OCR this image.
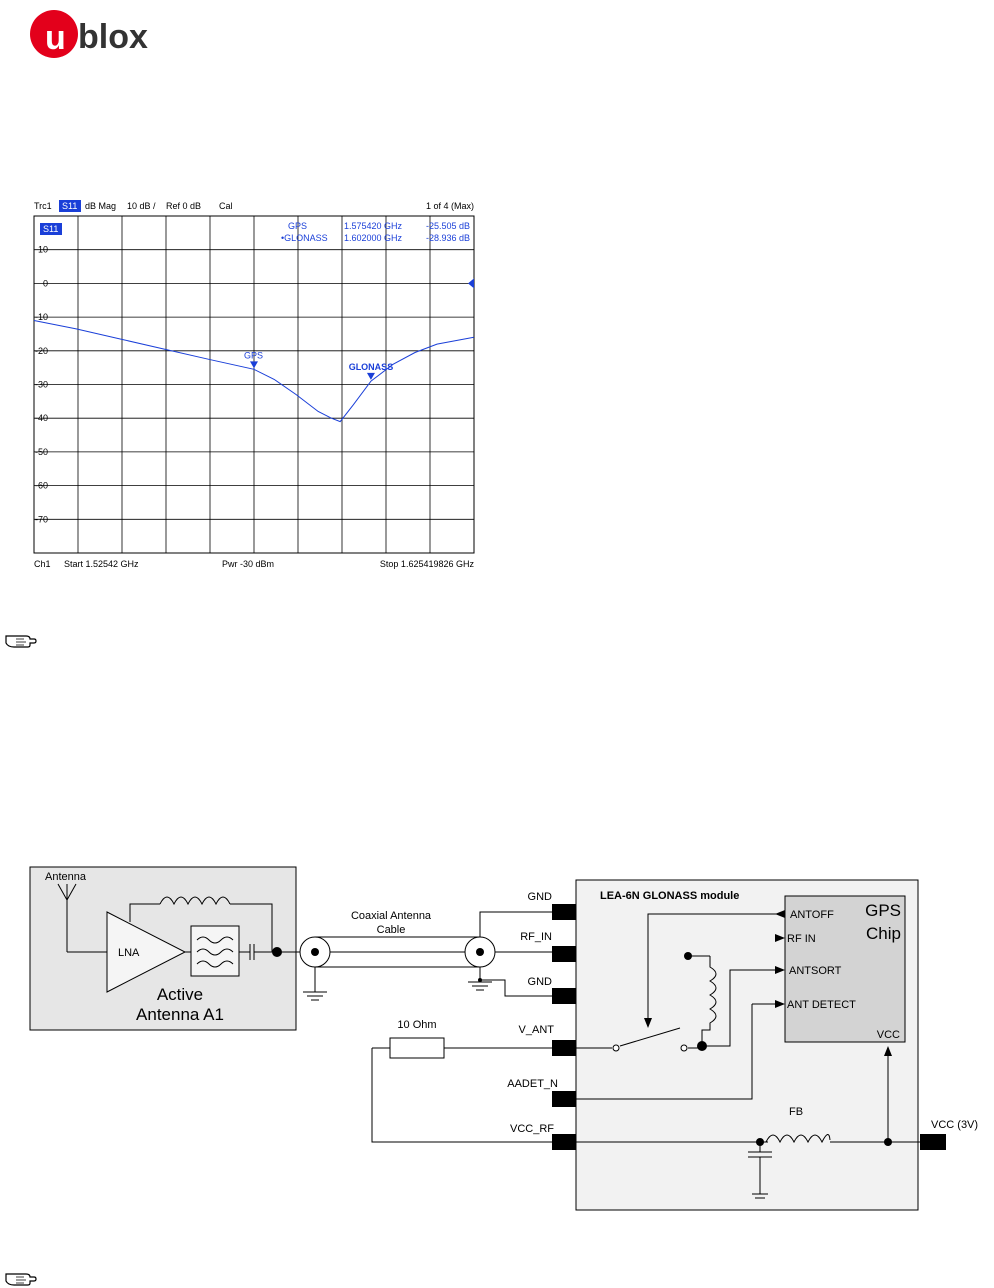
u blox
Trc1 S11 dB Mag 10 dB / Ref 0 dB Cal	1 of 4 (Max)
10
0
-10
-20
-30
-40
-50
-60
-70
S11	GPS	1.575420 GHz	-25.505 dB
•GLONASS 1.602000 GHz	-28.936 dB
GPS
GLONASS
Ch1 Start 1.52542 GHz	Pwr -30 dBm	Stop 1.625419826 GHz
Antenna
LNA
Active
Antenna A1
Coaxial Antenna
Cable
GND
RF_IN
GND
V_ANT
AADET_N
VCC_RF
LEA-6N GLONASS module
GPS
Chip
ANTOFF
RF IN
ANTSORT
ANT DETECT
VCC
10 Ohm
FB
VCC (3V)
